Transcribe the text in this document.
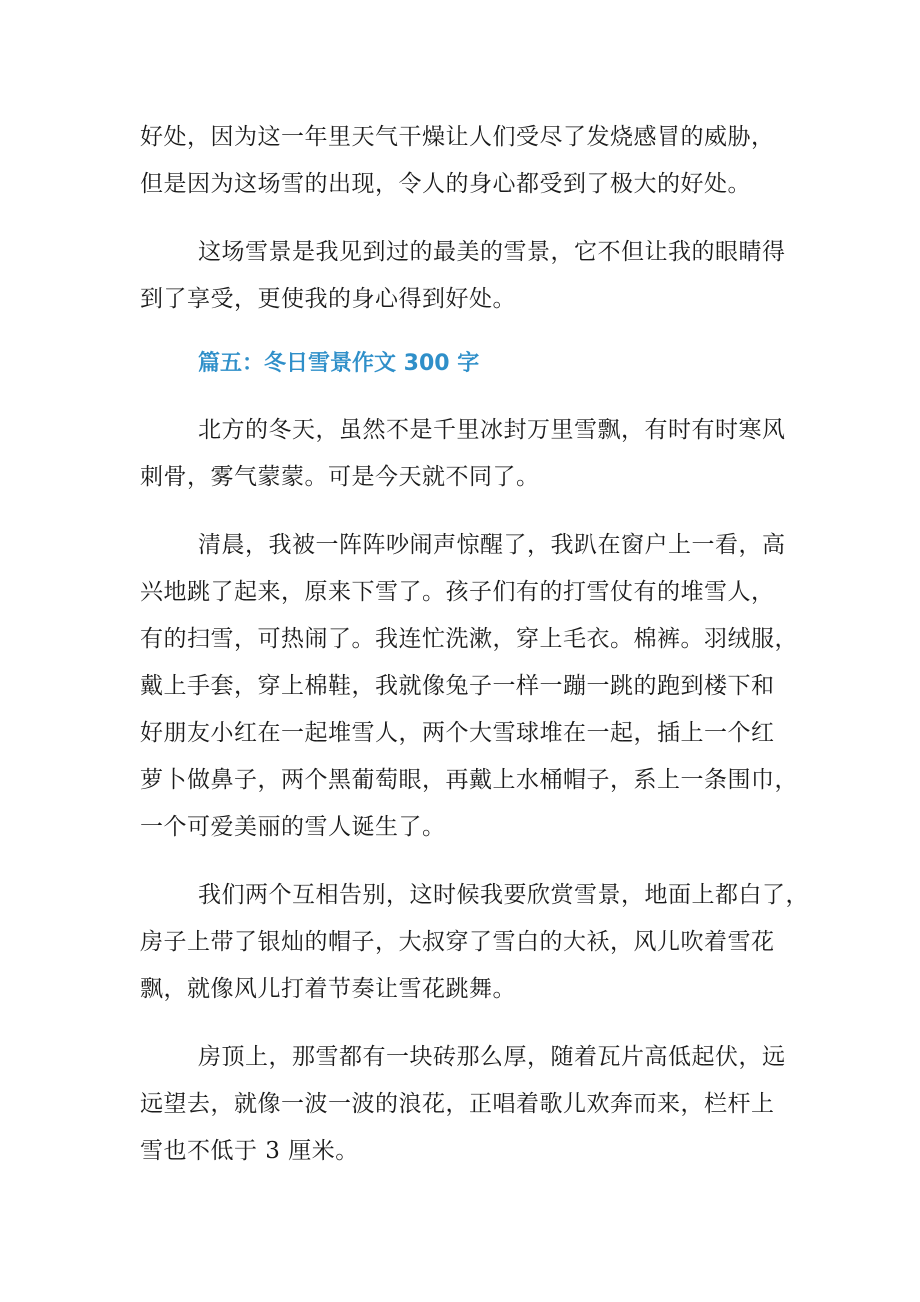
好处，因为这一年里天气干燥让人们受尽了发烧感冒的威胁，
但是因为这场雪的出现，令人的身心都受到了极大的好处。
这场雪景是我见到过的最美的雪景，它不但让我的眼睛得
到了享受，更使我的身心得到好处。
篇五：冬日雪景作文 300 字
北方的冬天，虽然不是千里冰封万里雪飘，有时有时寒风
刺骨，雾气蒙蒙。可是今天就不同了。
清晨，我被一阵阵吵闹声惊醒了，我趴在窗户上一看，高
兴地跳了起来，原来下雪了。孩子们有的打雪仗有的堆雪人，
有的扫雪，可热闹了。我连忙洗漱，穿上毛衣。棉裤。羽绒服，
戴上手套，穿上棉鞋，我就像兔子一样一蹦一跳的跑到楼下和
好朋友小红在一起堆雪人，两个大雪球堆在一起，插上一个红
萝卜做鼻子，两个黑葡萄眼，再戴上水桶帽子，系上一条围巾，
一个可爱美丽的雪人诞生了。
我们两个互相告别，这时候我要欣赏雪景，地面上都白了，
房子上带了银灿的帽子，大叔穿了雪白的大袄，风儿吹着雪花
飘，就像风儿打着节奏让雪花跳舞。
房顶上，那雪都有一块砖那么厚，随着瓦片高低起伏，远
远望去，就像一波一波的浪花，正唱着歌儿欢奔而来，栏杆上
雪也不低于 3 厘米。
